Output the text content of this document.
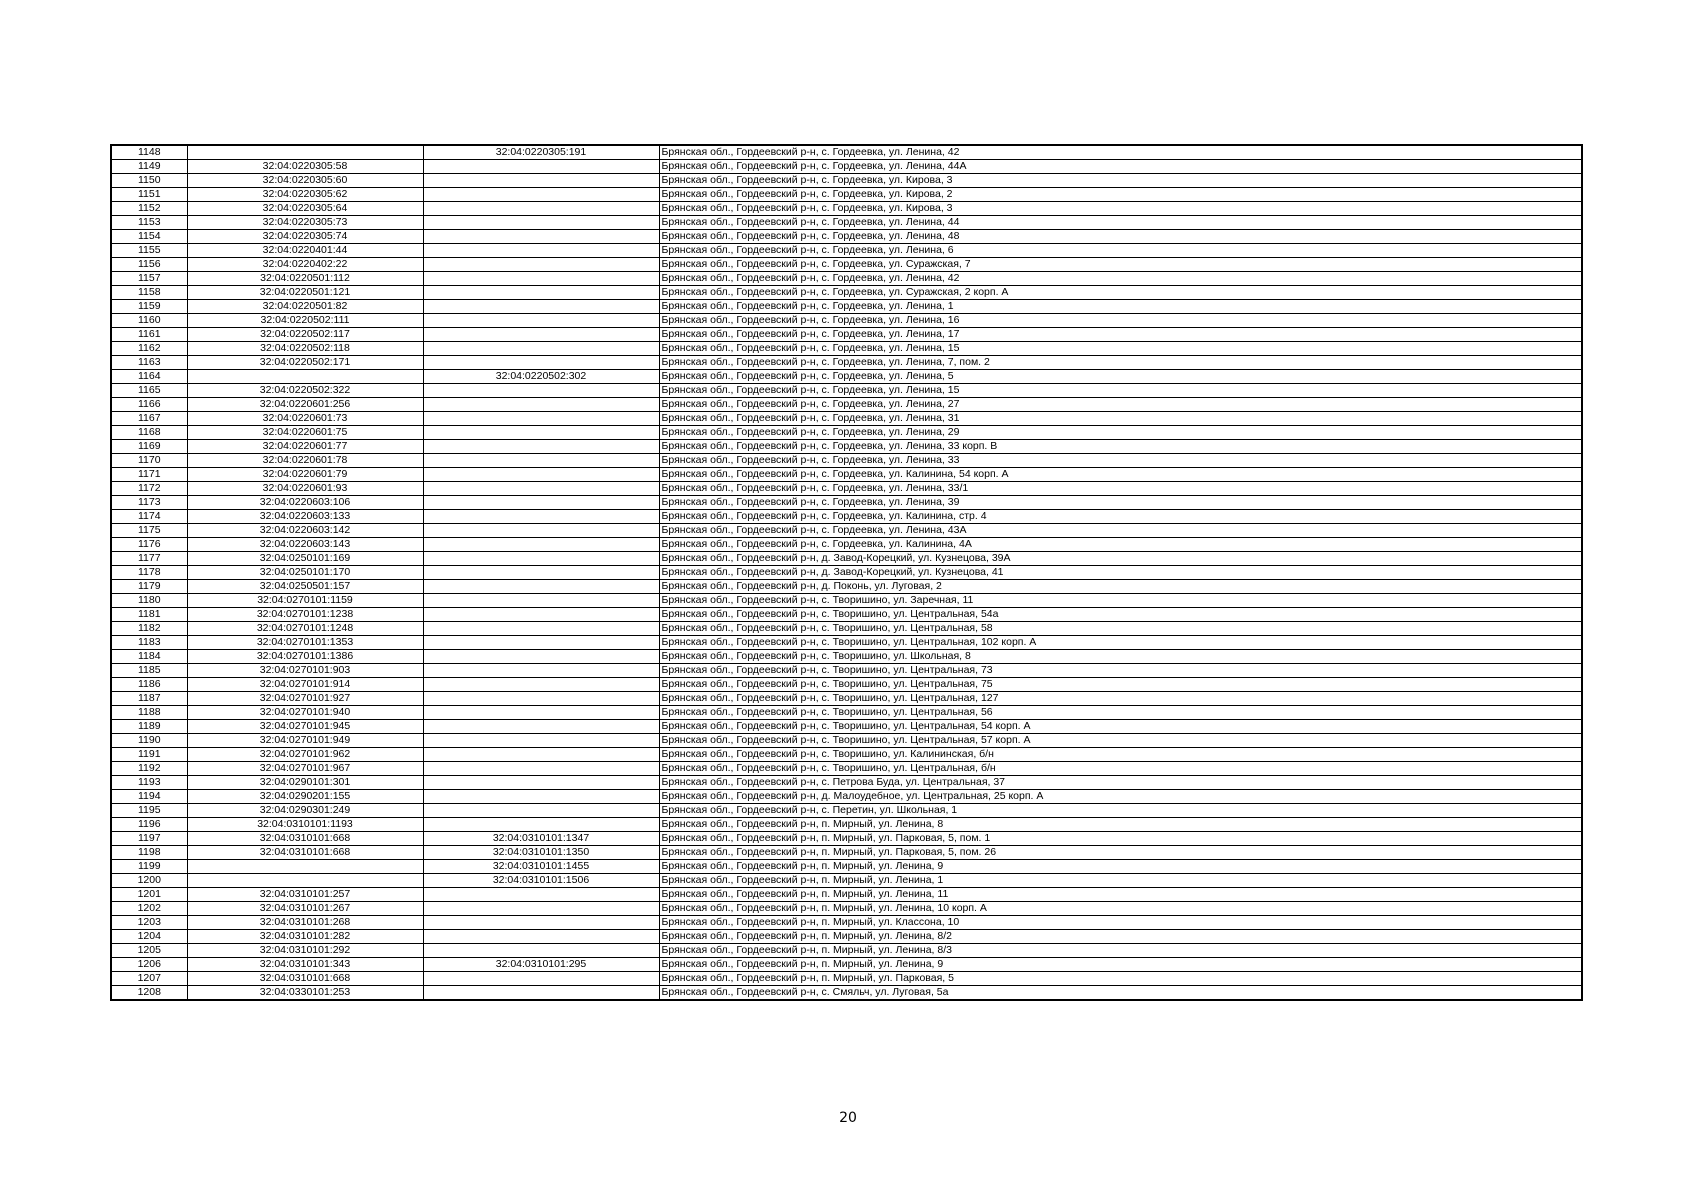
1148		32:04:0220305:191	Брянская обл., Гордеевский р-н, с. Гордеевка, ул. Ленина, 42
1149	32:04:0220305:58		Брянская обл., Гордеевский р-н, с. Гордеевка, ул. Ленина, 44А
1150	32:04:0220305:60		Брянская обл., Гордеевский р-н, с. Гордеевка, ул. Кирова, 3
1151	32:04:0220305:62		Брянская обл., Гордеевский р-н, с. Гордеевка, ул. Кирова, 2
1152	32:04:0220305:64		Брянская обл., Гордеевский р-н, с. Гордеевка, ул. Кирова, 3
1153	32:04:0220305:73		Брянская обл., Гордеевский р-н, с. Гордеевка, ул. Ленина, 44
1154	32:04:0220305:74		Брянская обл., Гордеевский р-н, с. Гордеевка, ул. Ленина, 48
1155	32:04:0220401:44		Брянская обл., Гордеевский р-н, с. Гордеевка, ул. Ленина, 6
1156	32:04:0220402:22		Брянская обл., Гордеевский р-н, с. Гордеевка, ул. Суражская, 7
1157	32:04:0220501:112		Брянская обл., Гордеевский р-н, с. Гордеевка, ул. Ленина, 42
1158	32:04:0220501:121		Брянская обл., Гордеевский р-н, с. Гордеевка, ул. Суражская, 2 корп. А
1159	32:04:0220501:82		Брянская обл., Гордеевский р-н, с. Гордеевка, ул. Ленина, 1
1160	32:04:0220502:111		Брянская обл., Гордеевский р-н, с. Гордеевка, ул. Ленина, 16
1161	32:04:0220502:117		Брянская обл., Гордеевский р-н, с. Гордеевка, ул. Ленина, 17
1162	32:04:0220502:118		Брянская обл., Гордеевский р-н, с. Гордеевка, ул. Ленина, 15
1163	32:04:0220502:171		Брянская обл., Гордеевский р-н, с. Гордеевка, ул. Ленина, 7, пом. 2
1164		32:04:0220502:302	Брянская обл., Гордеевский р-н, с. Гордеевка, ул. Ленина, 5
1165	32:04:0220502:322		Брянская обл., Гордеевский р-н, с. Гордеевка, ул. Ленина, 15
1166	32:04:0220601:256		Брянская обл., Гордеевский р-н, с. Гордеевка, ул. Ленина, 27
1167	32:04:0220601:73		Брянская обл., Гордеевский р-н, с. Гордеевка, ул. Ленина, 31
1168	32:04:0220601:75		Брянская обл., Гордеевский р-н, с. Гордеевка, ул. Ленина, 29
1169	32:04:0220601:77		Брянская обл., Гордеевский р-н, с. Гордеевка, ул. Ленина, 33 корп. В
1170	32:04:0220601:78		Брянская обл., Гордеевский р-н, с. Гордеевка, ул. Ленина, 33
1171	32:04:0220601:79		Брянская обл., Гордеевский р-н, с. Гордеевка, ул. Калинина, 54 корп. А
1172	32:04:0220601:93		Брянская обл., Гордеевский р-н, с. Гордеевка, ул. Ленина, 33/1
1173	32:04:0220603:106		Брянская обл., Гордеевский р-н, с. Гордеевка, ул. Ленина, 39
1174	32:04:0220603:133		Брянская обл., Гордеевский р-н, с. Гордеевка, ул. Калинина, стр. 4
1175	32:04:0220603:142		Брянская обл., Гордеевский р-н, с. Гордеевка, ул. Ленина, 43А
1176	32:04:0220603:143		Брянская обл., Гордеевский р-н, с. Гордеевка, ул. Калинина, 4А
1177	32:04:0250101:169		Брянская обл., Гордеевский р-н, д. Завод-Корецкий, ул. Кузнецова, 39А
1178	32:04:0250101:170		Брянская обл., Гордеевский р-н, д. Завод-Корецкий, ул. Кузнецова, 41
1179	32:04:0250501:157		Брянская обл., Гордеевский р-н, д. Поконь, ул. Луговая, 2
1180	32:04:0270101:1159		Брянская обл., Гордеевский р-н, с. Творишино, ул. Заречная, 11
1181	32:04:0270101:1238		Брянская обл., Гордеевский р-н, с. Творишино, ул. Центральная, 54а
1182	32:04:0270101:1248		Брянская обл., Гордеевский р-н, с. Творишино, ул. Центральная, 58
1183	32:04:0270101:1353		Брянская обл., Гордеевский р-н, с. Творишино, ул. Центральная, 102 корп. А
1184	32:04:0270101:1386		Брянская обл., Гордеевский р-н, с. Творишино, ул. Школьная, 8
1185	32:04:0270101:903		Брянская обл., Гордеевский р-н, с. Творишино, ул. Центральная, 73
1186	32:04:0270101:914		Брянская обл., Гордеевский р-н, с. Творишино, ул. Центральная, 75
1187	32:04:0270101:927		Брянская обл., Гордеевский р-н, с. Творишино, ул. Центральная, 127
1188	32:04:0270101:940		Брянская обл., Гордеевский р-н, с. Творишино, ул. Центральная, 56
1189	32:04:0270101:945		Брянская обл., Гордеевский р-н, с. Творишино, ул. Центральная, 54 корп. А
1190	32:04:0270101:949		Брянская обл., Гордеевский р-н, с. Творишино, ул. Центральная, 57 корп. А
1191	32:04:0270101:962		Брянская обл., Гордеевский р-н, с. Творишино, ул. Калининская, б/н
1192	32:04:0270101:967		Брянская обл., Гордеевский р-н, с. Творишино, ул. Центральная, б/н
1193	32:04:0290101:301		Брянская обл., Гордеевский р-н, с. Петрова Буда, ул. Центральная, 37
1194	32:04:0290201:155		Брянская обл., Гордеевский р-н, д. Малоудебное, ул. Центральная, 25 корп. А
1195	32:04:0290301:249		Брянская обл., Гордеевский р-н, с. Перетин, ул. Школьная, 1
1196	32:04:0310101:1193		Брянская обл., Гордеевский р-н, п. Мирный, ул. Ленина, 8
1197	32:04:0310101:668	32:04:0310101:1347	Брянская обл., Гордеевский р-н, п. Мирный, ул. Парковая, 5, пом. 1
1198	32:04:0310101:668	32:04:0310101:1350	Брянская обл., Гордеевский р-н, п. Мирный, ул. Парковая, 5, пом. 26
1199		32:04:0310101:1455	Брянская обл., Гордеевский р-н, п. Мирный, ул. Ленина, 9
1200		32:04:0310101:1506	Брянская обл., Гордеевский р-н, п. Мирный, ул. Ленина, 1
1201	32:04:0310101:257		Брянская обл., Гордеевский р-н, п. Мирный, ул. Ленина, 11
1202	32:04:0310101:267		Брянская обл., Гордеевский р-н, п. Мирный, ул. Ленина, 10 корп. А
1203	32:04:0310101:268		Брянская обл., Гордеевский р-н, п. Мирный, ул. Классона, 10
1204	32:04:0310101:282		Брянская обл., Гордеевский р-н, п. Мирный, ул. Ленина, 8/2
1205	32:04:0310101:292		Брянская обл., Гордеевский р-н, п. Мирный, ул. Ленина, 8/3
1206	32:04:0310101:343	32:04:0310101:295	Брянская обл., Гордеевский р-н, п. Мирный, ул. Ленина, 9
1207	32:04:0310101:668		Брянская обл., Гордеевский р-н, п. Мирный, ул. Парковая, 5
1208	32:04:0330101:253		Брянская обл., Гордеевский р-н, с. Смяльч, ул. Луговая, 5а
20
